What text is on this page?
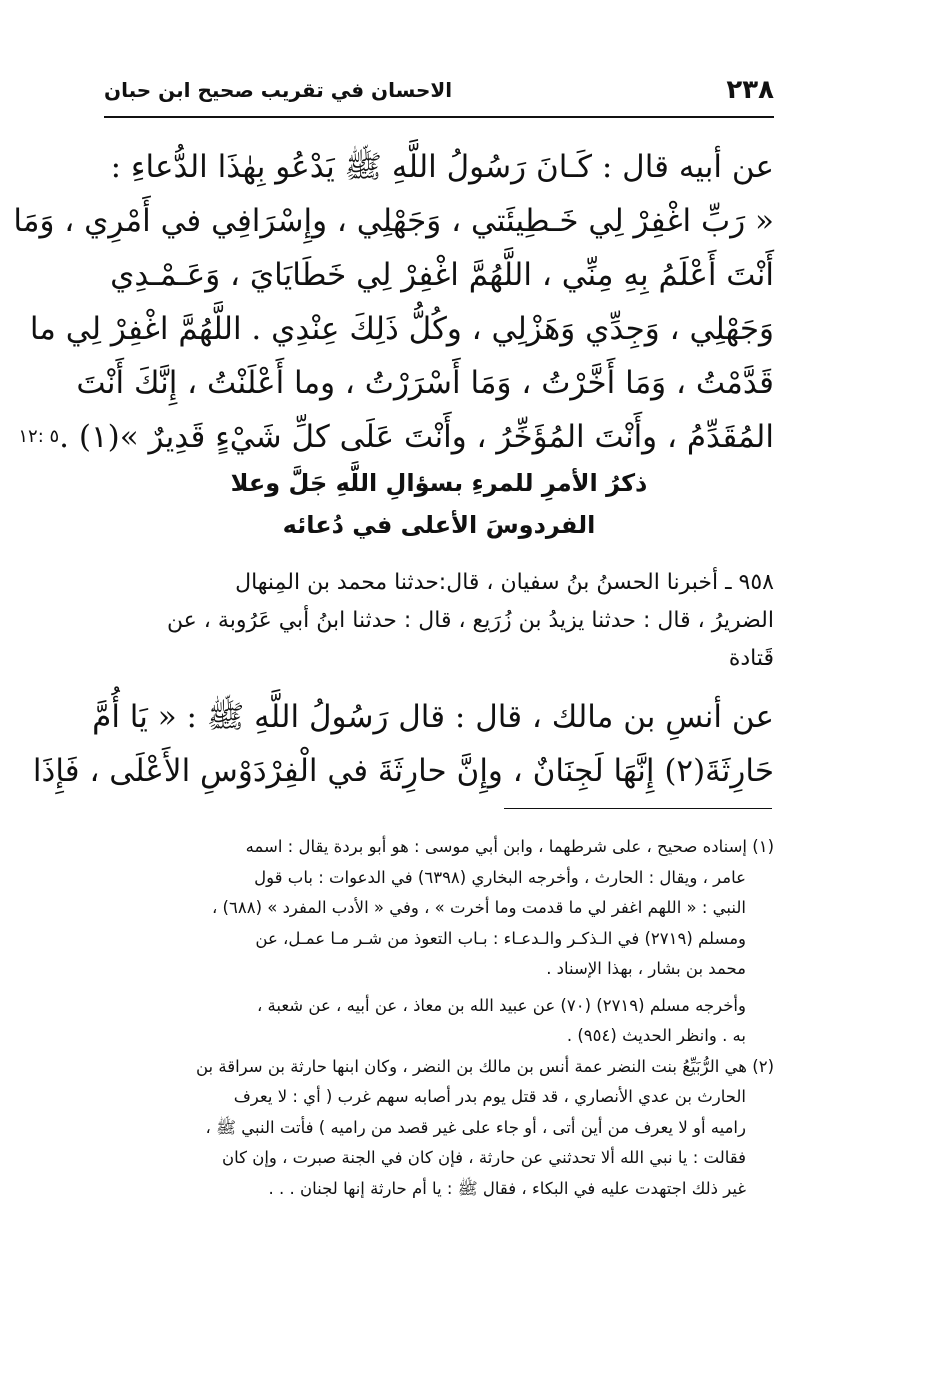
٢٣٨
الاحسان في تقريب صحيح ابن حبان
عن أبيه قال : كَـانَ رَسُولُ اللَّهِ ﷺ يَدْعُو بِهٰذَا الدُّعاءِ :
« رَبِّ اغْفِرْ لِي خَـطِيئَتي ، وَجَهْلِي ، وإِسْرَافِي في أَمْرِي ، وَمَا
أَنْتَ أَعْلَمُ بِهِ مِنِّي ، اللَّهُمَّ اغْفِرْ لِي خَطَايَايَ ، وَعَـمْـدِي
وَجَهْلِي ، وَجِدِّي وَهَزْلِي ، وكُلُّ ذَلِكَ عِنْدِي . اللَّهُمَّ اغْفِرْ لِي ما
قَدَّمْتُ ، وَمَا أَخَّرْتُ ، وَمَا أَسْرَرْتُ ، وما أَعْلَنْتُ ، إِنَّكَ أَنْتَ
المُقَدِّمُ ، وأَنْتَ المُؤَخِّرُ ، وأَنْتَ عَلَى كلِّ شَيْءٍ قَدِيرٌ »(١) .
٥ :١٢
ذكرُ الأمرِ للمرءِ بسؤالِ اللَّهِ جَلَّ وعلا
الفردوسَ الأعلى في دُعائه
٩٥٨ ـ أخبرنا الحسنُ بنُ سفيان ، قال:حدثنا محمد بن المِنهال
الضريرُ ، قال : حدثنا يزيدُ بن زُرَيع ، قال : حدثنا ابنُ أبي عَرُوبة ، عن
قَتادة
عن أنسِ بن مالك ، قال : قال رَسُولُ اللَّهِ ﷺ : « يَا أُمَّ
حَارِثَةَ(٢) إِنَّهَا لَجِنَانٌ ، وإِنَّ حارِثَةَ في الْفِرْدَوْسِ الأَعْلَى ، فَإِذَا
(١) إسناده صحيح ، على شرطهما ، وابن أبي موسى : هو أبو بردة يقال : اسمه
عامر ، ويقال : الحارث ، وأخرجه البخاري (٦٣٩٨) في الدعوات : باب قول
النبي : « اللهم اغفر لي ما قدمت وما أخرت » ، وفي « الأدب المفرد » (٦٨٨) ،
ومسلم (٢٧١٩) في الـذكـر والـدعـاء : بـاب التعوذ من شـر مـا عمـل، عن
محمد بن بشار ، بهذا الإسناد .
وأخرجه مسلم (٢٧١٩) (٧٠) عن عبيد الله بن معاذ ، عن أبيه ، عن شعبة ،
به . وانظر الحديث (٩٥٤) .
(٢) هي الرُّبَيِّعُ بنت النضر عمة أنس بن مالك بن النضر ، وكان ابنها حارثة بن سراقة بن
الحارث بن عدي الأنصاري ، قد قتل يوم بدر أصابه سهم غرب ( أي : لا يعرف
راميه أو لا يعرف من أين أتى ، أو جاء على غير قصد من راميه ) فأتت النبي ﷺ ،
فقالت : يا نبي الله ألا تحدثني عن حارثة ، فإن كان في الجنة صبرت ، وإن كان
غير ذلك اجتهدت عليه في البكاء ، فقال ﷺ : يا أم حارثة إنها لجنان . . .
